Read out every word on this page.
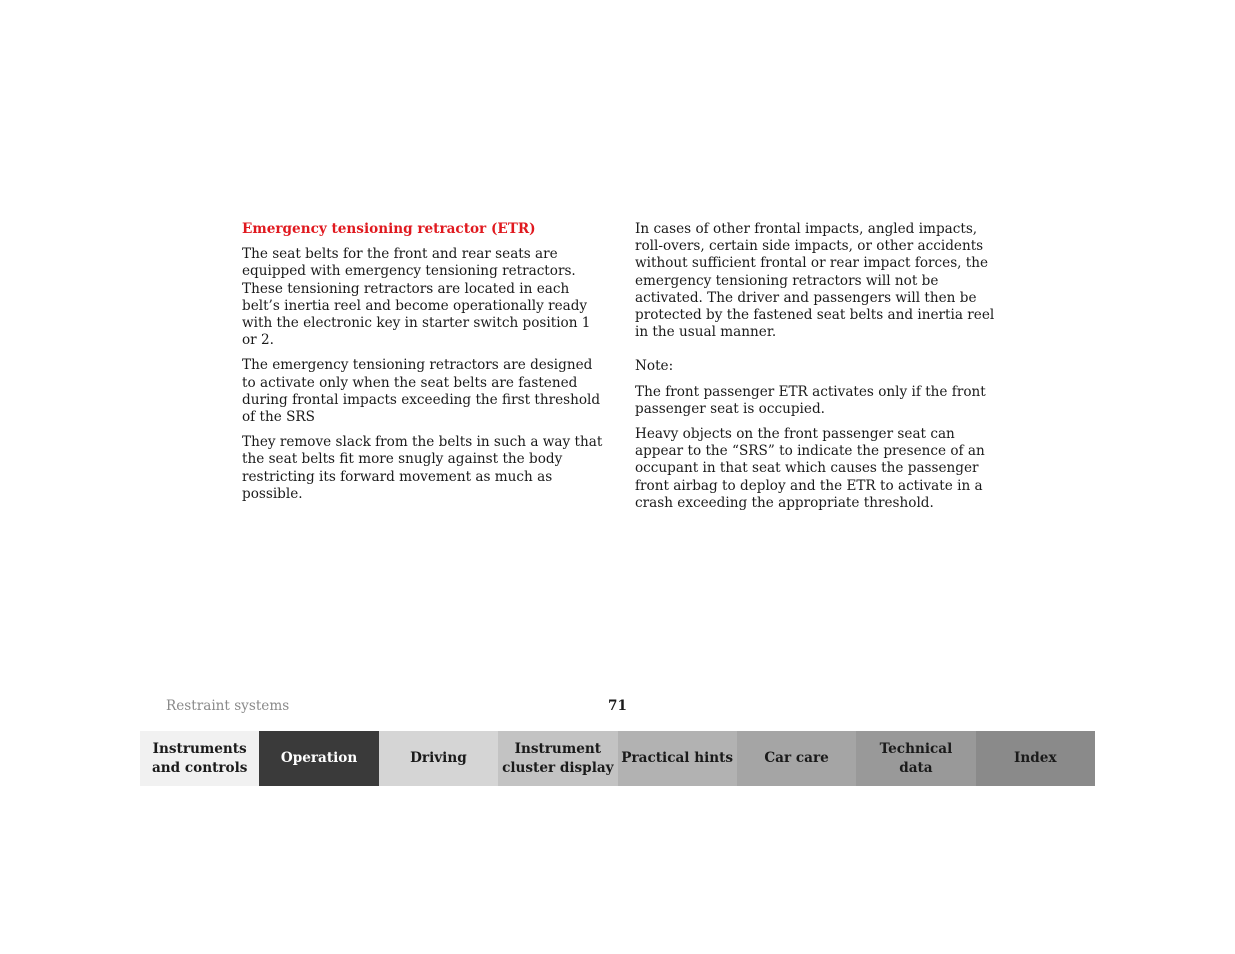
Emergency tensioning retractor (ETR)

The seat belts for the front and rear seats are equipped with emergency tensioning retractors. These tensioning retractors are located in each belt’s inertia reel and become operationally ready with the electronic key in starter switch position 1 or 2.

The emergency tensioning retractors are designed to activate only when the seat belts are fastened during frontal impacts exceeding the first threshold of the SRS

They remove slack from the belts in such a way that the seat belts fit more snugly against the body restricting its forward movement as much as possible.

In cases of other frontal impacts, angled impacts, roll-overs, certain side impacts, or other accidents without sufficient frontal or rear impact forces, the emergency tensioning retractors will not be activated. The driver and passengers will then be protected by the fastened seat belts and inertia reel in the usual manner.

Note:

The front passenger ETR activates only if the front passenger seat is occupied.

Heavy objects on the front passenger seat can appear to the “SRS” to indicate the presence of an occupant in that seat which causes the passenger front airbag to deploy and the ETR to activate in a crash exceeding the appropriate threshold.

Restraint systems	71
Instruments
and controls
Operation	Driving
Instrument
cluster display
Practical hints	Car care
Technical
data
Index
